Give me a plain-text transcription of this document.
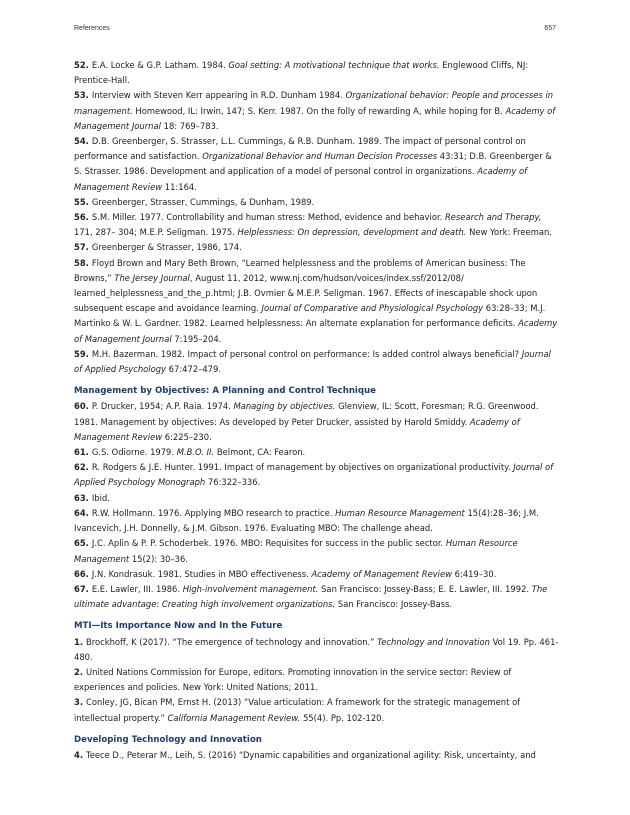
References	657

52. E.A. Locke & G.P. Latham. 1984. Goal setting: A motivational technique that works. Englewood Cliffs, NJ: Prentice-Hall.

53. Interview with Steven Kerr appearing in R.D. Dunham 1984. Organizational behavior: People and processes in management. Homewood, IL: Irwin, 147; S. Kerr. 1987. On the folly of rewarding A, while hoping for B. Academy of Management Journal 18: 769–783.

54. D.B. Greenberger, S. Strasser, L.L. Cummings, & R.B. Dunham. 1989. The impact of personal control on performance and satisfaction. Organizational Behavior and Human Decision Processes 43:31; D.B. Greenberger & S. Strasser. 1986. Development and application of a model of personal control in organizations. Academy of Management Review 11:164.

55. Greenberger, Strasser, Cummings, & Dunham, 1989.

56. S.M. Miller. 1977. Controllability and human stress: Method, evidence and behavior. Research and Therapy, 171, 287– 304; M.E.P. Seligman. 1975. Helplessness: On depression, development and death. New York: Freeman.

57. Greenberger & Strasser, 1986, 174.

58. Floyd Brown and Mary Beth Brown, “Learned helplessness and the problems of American business: The Browns,” The Jersey Journal, August 11, 2012, www.nj.com/hudson/voices/index.ssf/2012/08/ learned_helplessness_and_the_p.html; J.B. Ovmier & M.E.P. Seligman. 1967. Effects of inescapable shock upon subsequent escape and avoidance learning. Journal of Comparative and Physiological Psychology 63:28–33; M.J. Martinko & W. L. Gardner. 1982. Learned helplessness: An alternate explanation for performance deficits. Academy of Management Journal 7:195–204.

59. M.H. Bazerman. 1982. Impact of personal control on performance: Is added control always beneficial? Journal of Applied Psychology 67:472–479.

Management by Objectives: A Planning and Control Technique

60. P. Drucker, 1954; A.P. Raia. 1974. Managing by objectives. Glenview, IL: Scott, Foresman; R.G. Greenwood. 1981. Management by objectives: As developed by Peter Drucker, assisted by Harold Smiddy. Academy of Management Review 6:225–230.

61. G.S. Odiorne. 1979. M.B.O. II. Belmont, CA: Fearon.

62. R. Rodgers & J.E. Hunter. 1991. Impact of management by objectives on organizational productivity. Journal of Applied Psychology Monograph 76:322–336.

63. Ibid.

64. R.W. Hollmann. 1976. Applying MBO research to practice. Human Resource Management 15(4):28–36; J.M. Ivancevich, J.H. Donnelly, & J.M. Gibson. 1976. Evaluating MBO: The challenge ahead.

65. J.C. Aplin & P. P. Schoderbek. 1976. MBO: Requisites for success in the public sector. Human Resource Management 15(2): 30–36.

66. J.N. Kondrasuk. 1981. Studies in MBO effectiveness. Academy of Management Review 6:419–30.

67. E.E. Lawler, III. 1986. High-involvement management. San Francisco: Jossey-Bass; E. E. Lawler, III. 1992. The ultimate advantage: Creating high involvement organizations. San Francisco: Jossey-Bass.

MTI—Its Importance Now and In the Future

1. Brockhoff, K (2017). “The emergence of technology and innovation.” Technology and Innovation Vol 19. Pp. 461-480.

2. United Nations Commission for Europe, editors. Promoting innovation in the service sector: Review of experiences and policies. New York: United Nations; 2011.

3. Conley, JG, Bican PM, Ernst H. (2013) “Value articulation: A framework for the strategic management of intellectual property.” California Management Review. 55(4). Pp. 102-120.

Developing Technology and Innovation

4. Teece D., Peterar M., Leih, S. (2016) “Dynamic capabilities and organizational agility: Risk, uncertainty, and
